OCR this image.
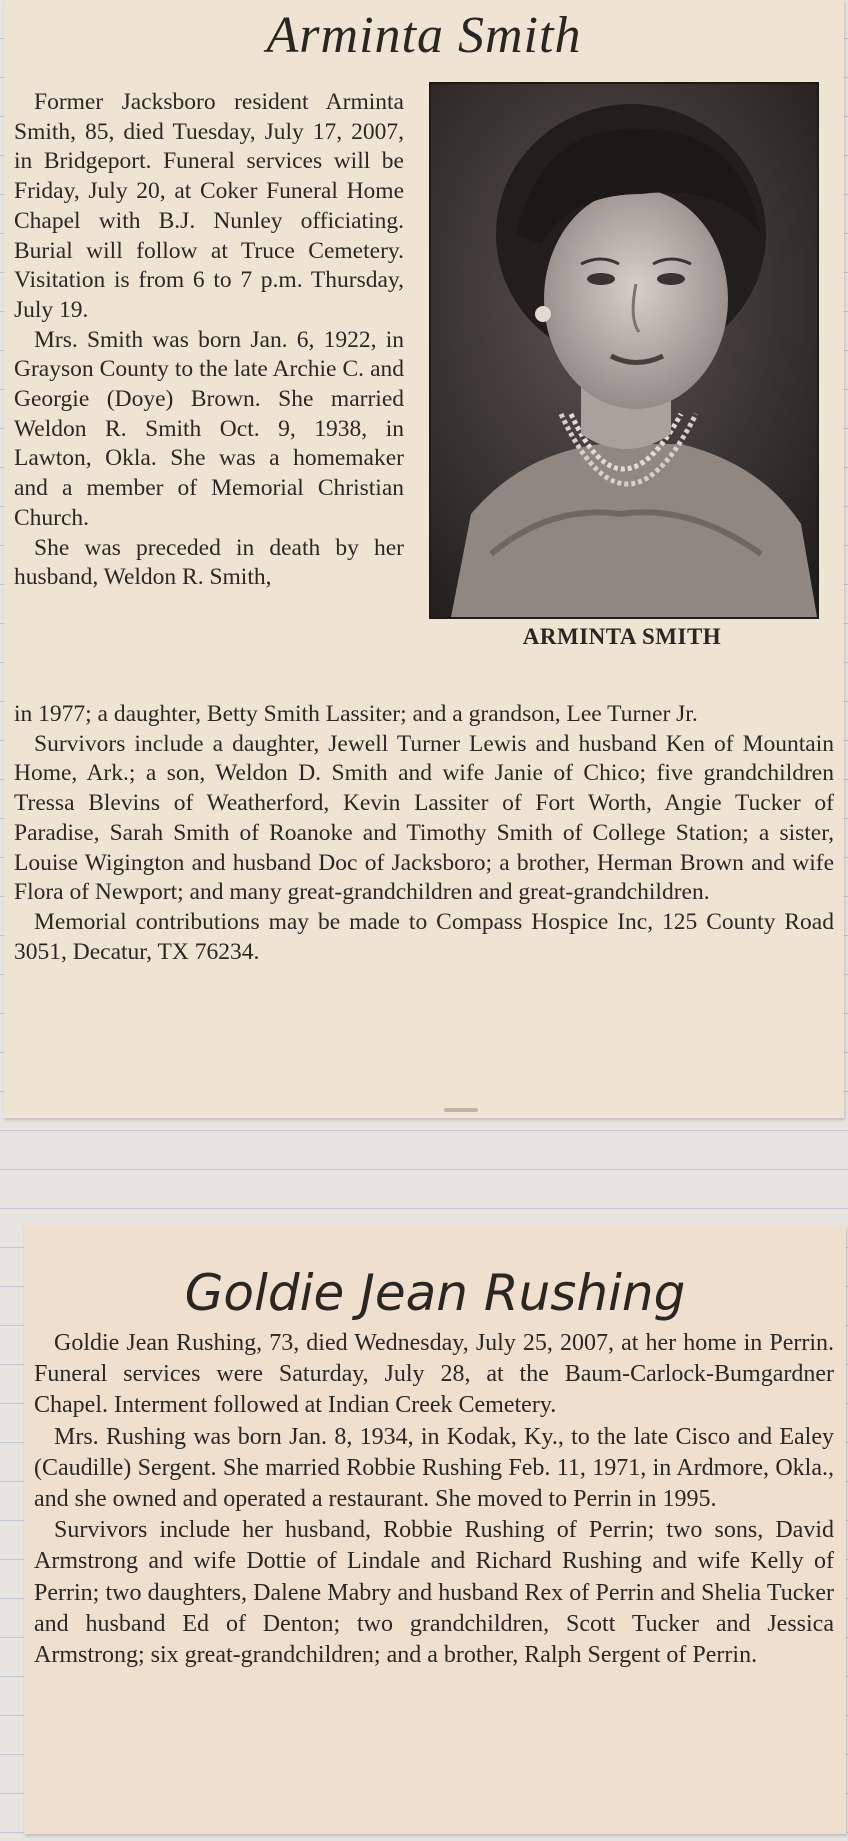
Arminta Smith

Former Jacksboro resident Arminta Smith, 85, died Tuesday, July 17, 2007, in Bridgeport. Funeral services will be Friday, July 20, at Coker Funeral Home Chapel with B.J. Nunley officiating. Burial will follow at Truce Cemetery. Visitation is from 6 to 7 p.m. Thursday, July 19.

Mrs. Smith was born Jan. 6, 1922, in Grayson County to the late Archie C. and Georgie (Doye) Brown. She married Weldon R. Smith Oct. 9, 1938, in Lawton, Okla. She was a homemaker and a member of Memorial Christian Church.

She was preceded in death by her husband, Weldon R. Smith,

ARMINTA SMITH

in 1977; a daughter, Betty Smith Lassiter; and a grandson, Lee Turner Jr.

Survivors include a daughter, Jewell Turner Lewis and husband Ken of Mountain Home, Ark.; a son, Weldon D. Smith and wife Janie of Chico; five grandchildren Tressa Blevins of Weatherford, Kevin Lassiter of Fort Worth, Angie Tucker of Paradise, Sarah Smith of Roanoke and Timothy Smith of College Station; a sister, Louise Wigington and husband Doc of Jacksboro; a brother, Herman Brown and wife Flora of Newport; and many great-grandchildren and great-grandchildren.

Memorial contributions may be made to Compass Hospice Inc, 125 County Road 3051, Decatur, TX 76234.

Goldie Jean Rushing

Goldie Jean Rushing, 73, died Wednesday, July 25, 2007, at her home in Perrin. Funeral services were Saturday, July 28, at the Baum-Carlock-Bumgardner Chapel. Interment followed at Indian Creek Cemetery.

Mrs. Rushing was born Jan. 8, 1934, in Kodak, Ky., to the late Cisco and Ealey (Caudille) Sergent. She married Robbie Rushing Feb. 11, 1971, in Ardmore, Okla., and she owned and operated a restaurant. She moved to Perrin in 1995.

Survivors include her husband, Robbie Rushing of Perrin; two sons, David Armstrong and wife Dottie of Lindale and Richard Rushing and wife Kelly of Perrin; two daughters, Dalene Mabry and husband Rex of Perrin and Shelia Tucker and husband Ed of Denton; two grandchildren, Scott Tucker and Jessica Armstrong; six great-grandchildren; and a brother, Ralph Sergent of Perrin.
